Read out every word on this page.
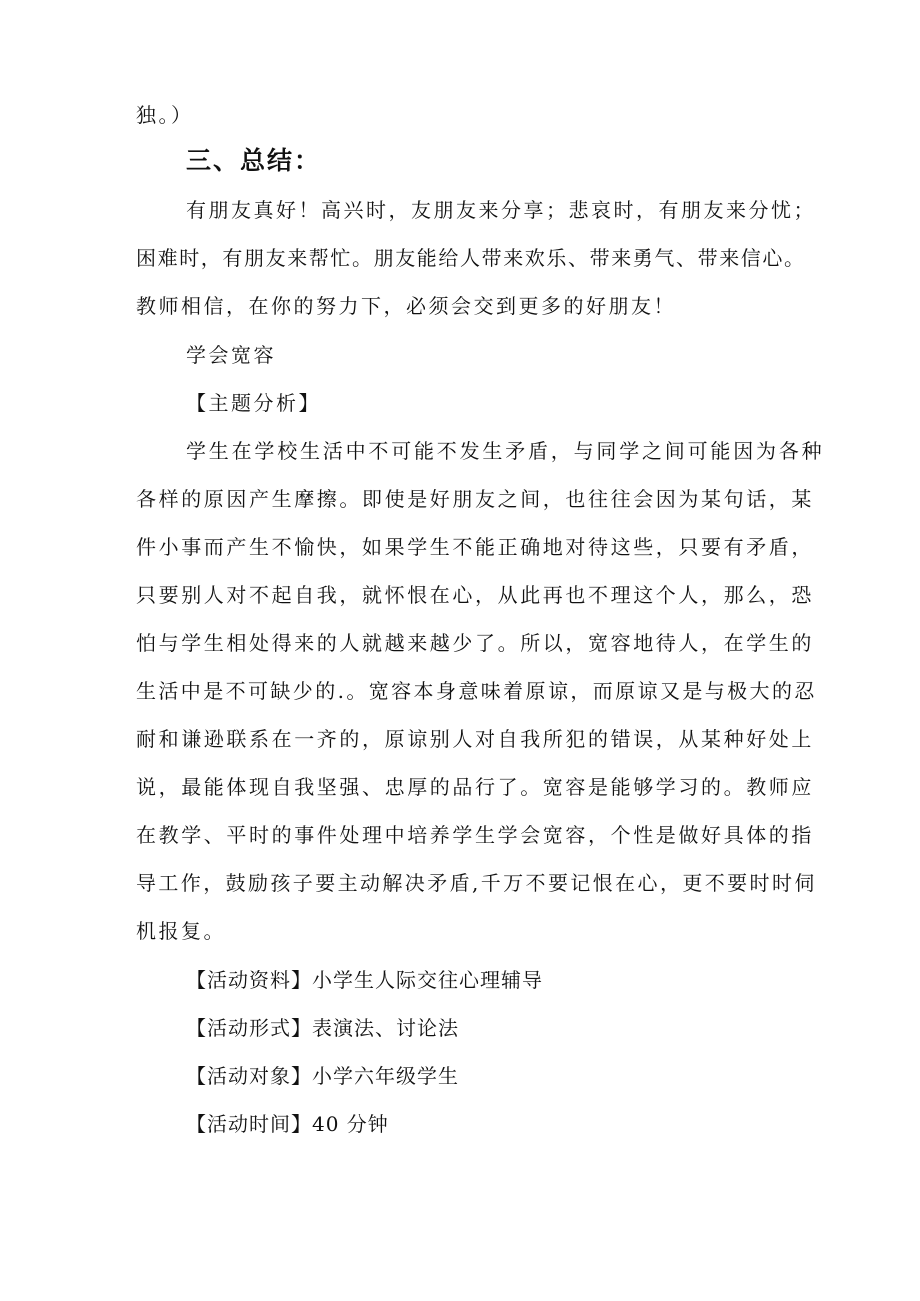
独。）

三、总结：

有朋友真好！高兴时，友朋友来分享；悲哀时，有朋友来分忧；

困难时，有朋友来帮忙。朋友能给人带来欢乐、带来勇气、带来信心。

教师相信，在你的努力下，必须会交到更多的好朋友！

学会宽容

【主题分析】

学生在学校生活中不可能不发生矛盾，与同学之间可能因为各种

各样的原因产生摩擦。即使是好朋友之间，也往往会因为某句话，某

件小事而产生不愉快，如果学生不能正确地对待这些，只要有矛盾，

只要别人对不起自我，就怀恨在心，从此再也不理这个人，那么，恐

怕与学生相处得来的人就越来越少了。所以，宽容地待人，在学生的

生活中是不可缺少的.。宽容本身意味着原谅，而原谅又是与极大的忍

耐和谦逊联系在一齐的，原谅别人对自我所犯的错误，从某种好处上

说，最能体现自我坚强、忠厚的品行了。宽容是能够学习的。教师应

在教学、平时的事件处理中培养学生学会宽容，个性是做好具体的指

导工作，鼓励孩子要主动解决矛盾,千万不要记恨在心，更不要时时伺

机报复。

【活动资料】小学生人际交往心理辅导

【活动形式】表演法、讨论法

【活动对象】小学六年级学生

【活动时间】40 分钟
